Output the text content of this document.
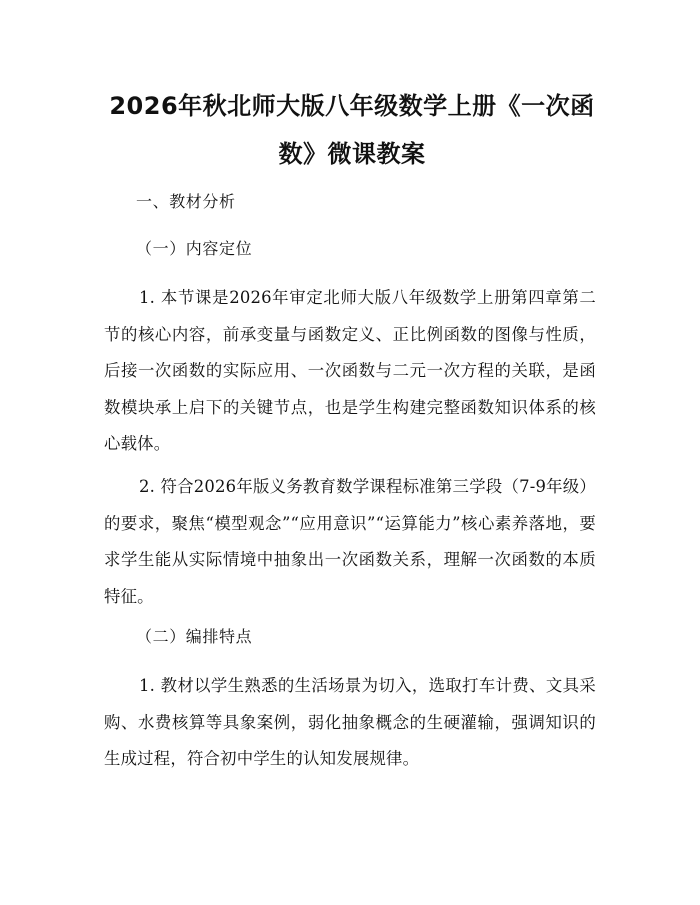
2026年秋北师大版八年级数学上册《一次函数》微课教案

一、教材分析

（一）内容定位

1. 本节课是2026年审定北师大版八年级数学上册第四章第二节的核心内容，前承变量与函数定义、正比例函数的图像与性质，后接一次函数的实际应用、一次函数与二元一次方程的关联，是函数模块承上启下的关键节点，也是学生构建完整函数知识体系的核心载体。

2. 符合2026年版义务教育数学课程标准第三学段（7-9年级）的要求，聚焦“模型观念”“应用意识”“运算能力”核心素养落地，要求学生能从实际情境中抽象出一次函数关系，理解一次函数的本质特征。

（二）编排特点

1. 教材以学生熟悉的生活场景为切入，选取打车计费、文具采购、水费核算等具象案例，弱化抽象概念的生硬灌输，强调知识的生成过程，符合初中学生的认知发展规律。
